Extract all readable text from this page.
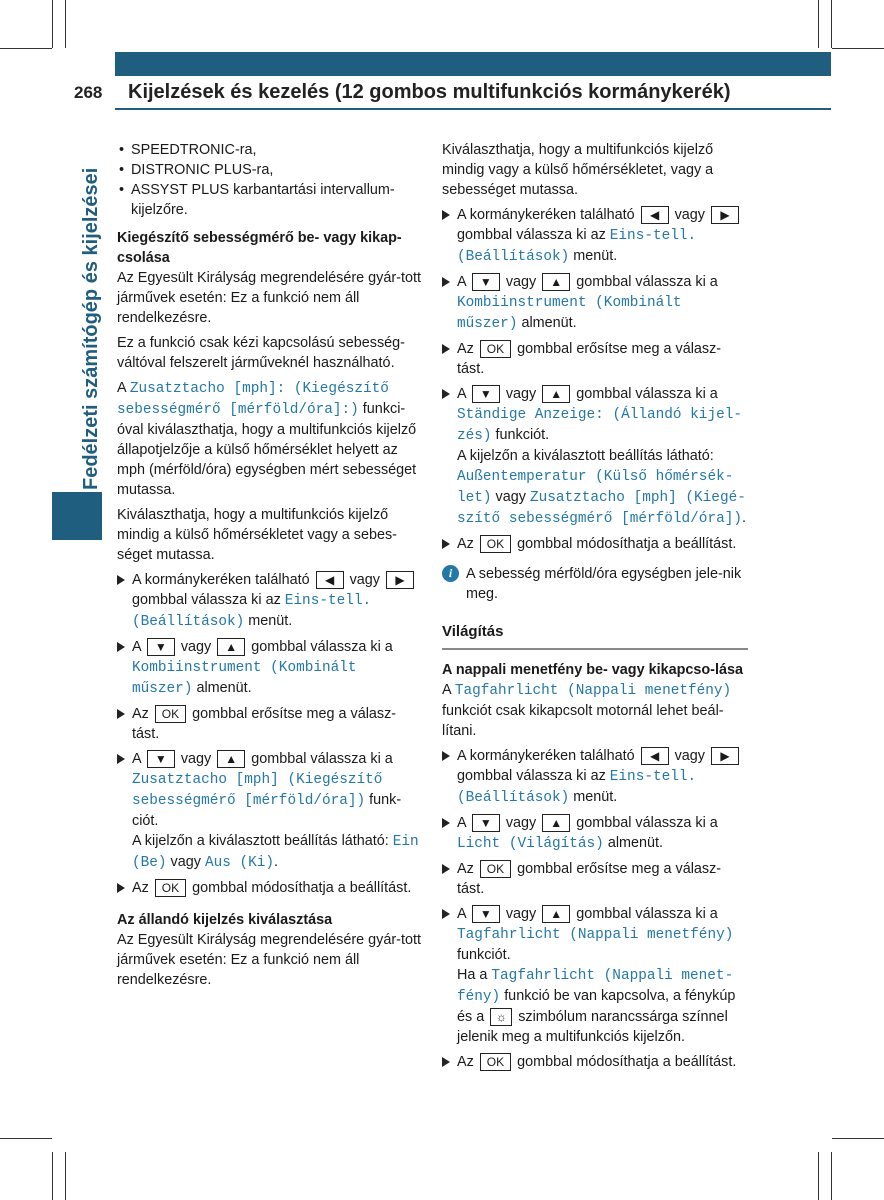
268 Kijelzések és kezelés (12 gombos multifunkciós kormánykerék)
Fedélzeti számítógép és kijelzései
• SPEEDTRONIC-ra,
• DISTRONIC PLUS-ra,
• ASSYST PLUS karbantartási intervallum-kijelzőre.
Kiegészítő sebességmérő be- vagy kikap-csolása
Az Egyesült Királyság megrendelésére gyár-tott járművek esetén: Ez a funkció nem áll rendelkezésre.
Ez a funkció csak kézi kapcsolású sebesség-váltóval felszerelt járműveknél használható.
A Zusatztacho [mph]: (Kiegészítő sebességmérő [mérföld/óra]:) funkci-óval kiválaszthatja, hogy a multifunkciós kijelző állapotjelzője a külső hőmérséklet helyett az mph (mérföld/óra) egységben mért sebességet mutassa.
Kiválaszthatja, hogy a multifunkciós kijelző mindig a külső hőmérsékletet vagy a sebes-séget mutassa.
A kormánykeréken található ◀ vagy ▶ gombbal válassza ki az Eins-tell. (Beállítások) menüt.
A ▼ vagy ▲ gombbal válassza ki a Kombiinstrument (Kombinált műszer) almenüt.
Az OK gombbal erősítse meg a válasz-tást.
A ▼ vagy ▲ gombbal válassza ki a Zusatztacho [mph] (Kiegészítő sebességmérő [mérföld/óra]) funk-ciót.
A kijelzőn a kiválasztott beállítás látható: Ein (Be) vagy Aus (Ki).
Az OK gombbal módosíthatja a beállítást.
Az állandó kijelzés kiválasztása
Az Egyesült Királyság megrendelésére gyár-tott járművek esetén: Ez a funkció nem áll rendelkezésre.
Kiválaszthatja, hogy a multifunkciós kijelző mindig vagy a külső hőmérsékletet, vagy a sebességet mutassa.
A kormánykeréken található ◀ vagy ▶ gombbal válassza ki az Eins-tell. (Beállítások) menüt.
A ▼ vagy ▲ gombbal válassza ki a Kombiinstrument (Kombinált műszer) almenüt.
Az OK gombbal erősítse meg a válasz-tást.
A ▼ vagy ▲ gombbal válassza ki a Ständige Anzeige: (Állandó kijel-zés) funkciót.
A kijelzőn a kiválasztott beállítás látható: Außentemperatur (Külső hőmérsék-let) vagy Zusatztacho [mph] (Kiegé-szítő sebességmérő [mérföld/óra]).
Az OK gombbal módosíthatja a beállítást.
i A sebesség mérföld/óra egységben jele-nik meg.
Világítás
A nappali menetfény be- vagy kikapcso-lása
A Tagfahrlicht (Nappali menetfény) funkciót csak kikapcsolt motornál lehet beál-lítani.
A kormánykeréken található ◀ vagy ▶ gombbal válassza ki az Eins-tell. (Beállítások) menüt.
A ▼ vagy ▲ gombbal válassza ki a Licht (Világítás) almenüt.
Az OK gombbal erősítse meg a válasz-tást.
A ▼ vagy ▲ gombbal válassza ki a Tagfahrlicht (Nappali menetfény) funkciót.
Ha a Tagfahrlicht (Nappali menet-fény) funkció be van kapcsolva, a fénykúp és a ☼ szimbólum narancssárga színnel jelenik meg a multifunkciós kijelzőn.
Az OK gombbal módosíthatja a beállítást.
